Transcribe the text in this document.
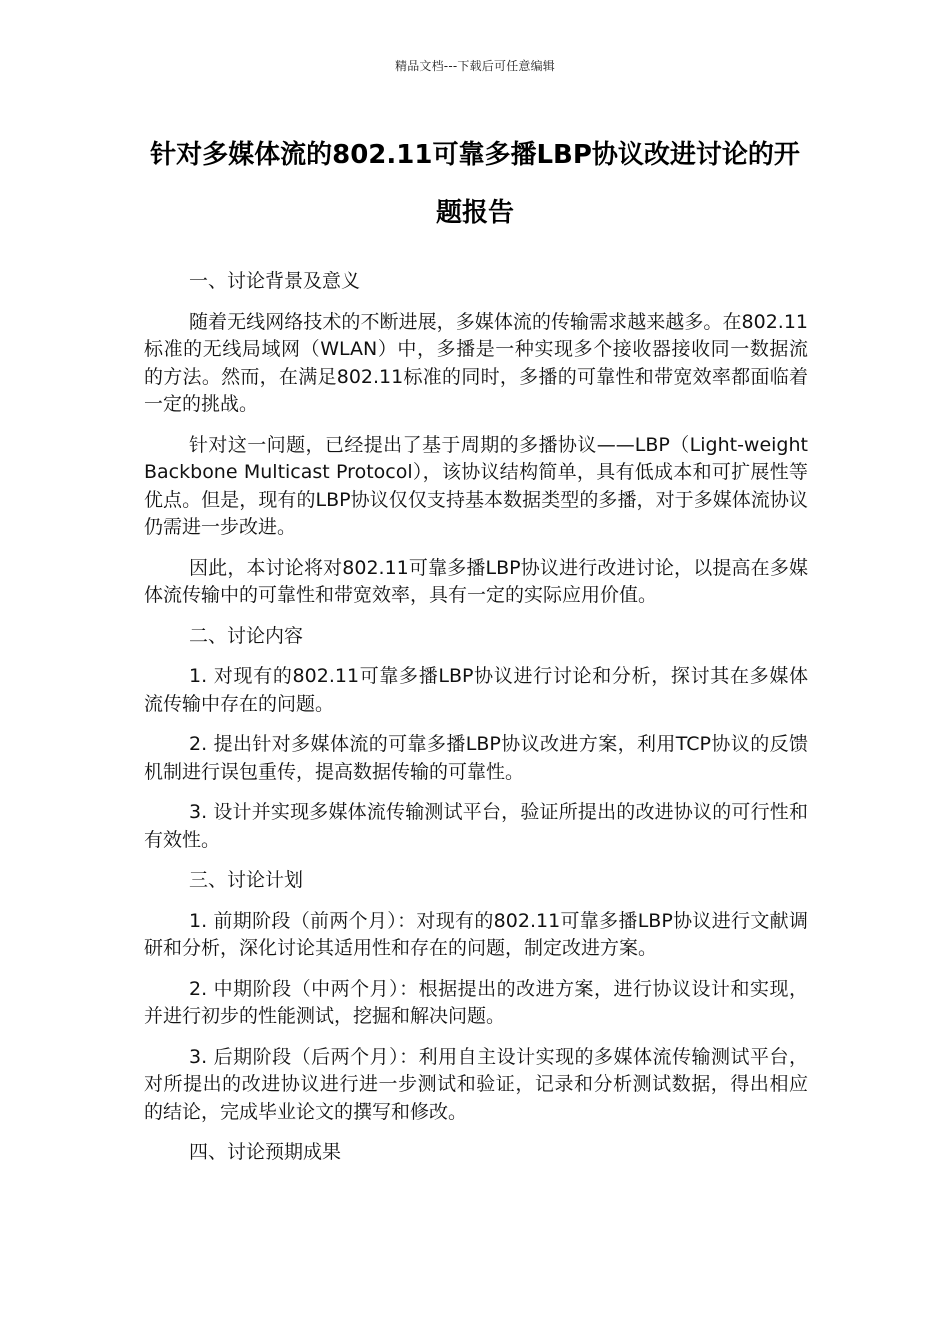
精品文档---下载后可任意编辑
针对多媒体流的802.11可靠多播LBP协议改进讨论的开题报告

一、讨论背景及意义

随着无线网络技术的不断进展，多媒体流的传输需求越来越多。在802.11标准的无线局域网（WLAN）中，多播是一种实现多个接收器接收同一数据流的方法。然而，在满足802.11标准的同时，多播的可靠性和带宽效率都面临着一定的挑战。

针对这一问题，已经提出了基于周期的多播协议——LBP（Light-weight Backbone Multicast Protocol），该协议结构简单，具有低成本和可扩展性等优点。但是，现有的LBP协议仅仅支持基本数据类型的多播，对于多媒体流协议仍需进一步改进。

因此，本讨论将对802.11可靠多播LBP协议进行改进讨论，以提高在多媒体流传输中的可靠性和带宽效率，具有一定的实际应用价值。

二、讨论内容

1. 对现有的802.11可靠多播LBP协议进行讨论和分析，探讨其在多媒体流传输中存在的问题。

2. 提出针对多媒体流的可靠多播LBP协议改进方案，利用TCP协议的反馈机制进行误包重传，提高数据传输的可靠性。

3. 设计并实现多媒体流传输测试平台，验证所提出的改进协议的可行性和有效性。

三、讨论计划

1. 前期阶段（前两个月）：对现有的802.11可靠多播LBP协议进行文献调研和分析，深化讨论其适用性和存在的问题，制定改进方案。

2. 中期阶段（中两个月）：根据提出的改进方案，进行协议设计和实现，并进行初步的性能测试，挖掘和解决问题。

3. 后期阶段（后两个月）：利用自主设计实现的多媒体流传输测试平台，对所提出的改进协议进行进一步测试和验证，记录和分析测试数据，得出相应的结论，完成毕业论文的撰写和修改。

四、讨论预期成果
